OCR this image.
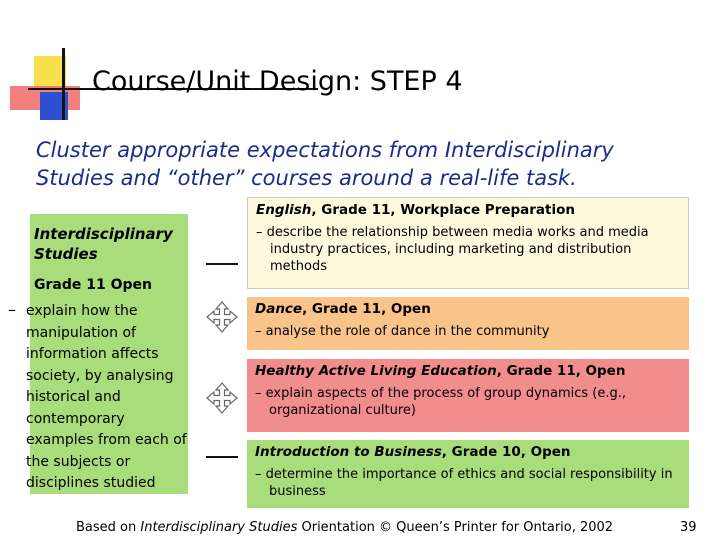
Course/Unit Design: STEP 4
Cluster appropriate expectations from Interdisciplinary Studies and “other” courses around a real-life task.
Interdisciplinary Studies
Grade 11 Open
– explain how the manipulation of information affects society, by analysing historical and contemporary examples from each of the subjects or disciplines studied
English, Grade 11, Workplace Preparation
– describe the relationship between media works and media industry practices, including marketing and distribution methods
Dance, Grade 11, Open
– analyse the role of dance in the community
Healthy Active Living Education, Grade 11, Open
– explain aspects of the process of group dynamics (e.g., organizational culture)
Introduction to Business, Grade 10, Open
– determine the importance of ethics and social responsibility in business
Based on Interdisciplinary Studies Orientation © Queen’s Printer for Ontario, 2002	39
